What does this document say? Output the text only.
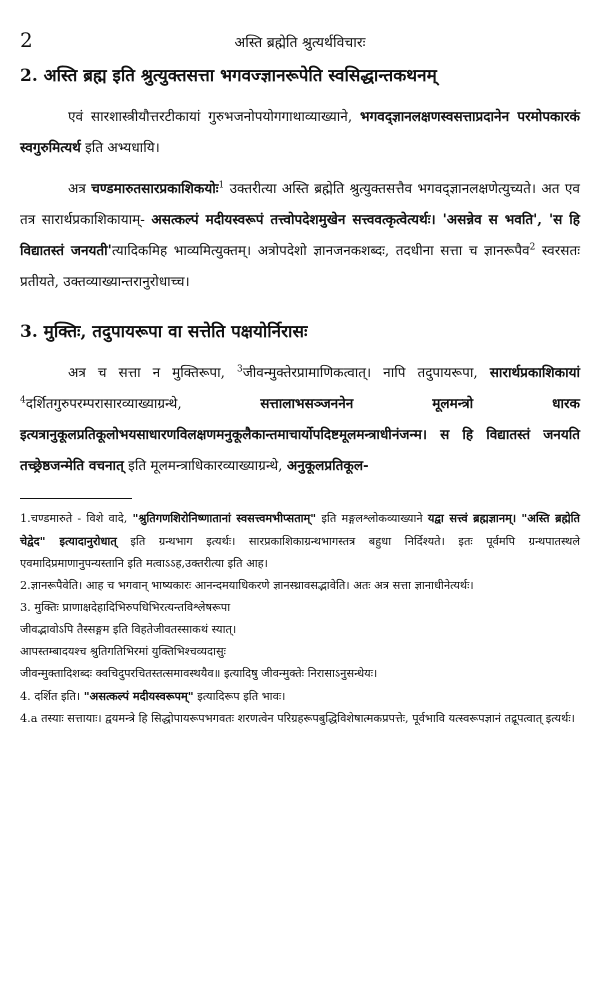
2	अस्ति ब्रह्मेति श्रुत्यर्थविचारः
2. अस्ति ब्रह्म इति श्रुत्युक्तसत्ता भगवज्ज्ञानरूपेति स्वसिद्धान्तकथनम्

एवं सारशास्त्रीयौत्तरटीकायां गुरुभजनोपयोगगाथाव्याख्याने, भगवद्ज्ञानलक्षणस्वसत्ताप्रदानेन परमोपकारकं स्वगुरुमित्यर्थ इति अभ्यधायि।

अत्र चण्डमारुतसारप्रकाशिकयोः$^1$ उक्तरीत्या अस्ति ब्रह्मेति श्रुत्युक्तसत्तैव भगवद्ज्ञानलक्षणेत्युच्यते। अत एव तत्र सारार्थप्रकाशिकायाम्- असत्कल्पं मदीयस्वरूपं तत्त्वोपदेशमुखेन सत्त्ववत्कृत्वेत्यर्थः। 'असन्नेव स भवति', 'स हि विद्यातस्तं जनयती'त्यादिकमिह भाव्यमित्युक्तम्। अत्रोपदेशो ज्ञानजनकशब्दः, तदधीना सत्ता च ज्ञानरूपैव$^2$ स्वरसतः प्रतीयते, उक्तव्याख्यान्तरानुरोधाच्च।

3. मुक्तिः, तदुपायरूपा वा सत्तेति पक्षयोर्निरासः

अत्र च सत्ता न मुक्तिरूपा, $^3$जीवन्मुक्तेरप्रामाणिकत्वात्। नापि तदुपायरूपा, सारार्थप्रकाशिकायां $^4$दर्शितगुरुपरम्परासारव्याख्याग्रन्थे,	सत्तालाभसञ्जननेन मूलमन्त्रो धारक इत्यत्रानुकूलप्रतिकूलोभयसाधारणविलक्षणमनुकूलैकान्तमाचार्योपदिष्टमूलमन्त्राधीनंजन्म। स हि विद्यातस्तं जनयति तच्छ्रेष्ठजन्मेति वचनात् इति मूलमन्त्राधिकारव्याख्याग्रन्थे, अनुकूलप्रतिकूल-

1.चण्डमारुते - विशे वादे, "श्रुतिगणशिरोनिष्णातानां स्वसत्त्वमभीप्सताम्" इति मङ्गलश्लोकव्याख्याने यद्वा सत्त्वं ब्रह्मज्ञानम्। "अस्ति ब्रह्मेति चेद्वेद" इत्यादानुरोधात् इति ग्रन्थभाग इत्यर्थः। सारप्रकाशिकाग्रन्थभागस्तत्र बहुधा निर्दिश्यते। इतः पूर्वमपि ग्रन्थपातस्थले एवमादिप्रमाणानुपन्यस्तानि इति मत्वाऽऽह,उक्तरीत्या इति आह।
2.ज्ञानरूपैवेति। आह च भगवान् भाष्यकारः आनन्दमयाधिकरणे ज्ञानस्थ्रावसद्भावेति। अतः अत्र सत्ता ज्ञानाधीनेत्यर्थः।
3. मुक्तिः प्राणाक्षदेहादिभिरुपधिभिरत्यन्तविश्लेषरूपा
जीवद्भावोऽपि तैस्सङ्गम इति विहतेजीवतस्साकथं स्यात्।
आपस्तम्बादयश्च श्रुतिगतिभिरमां युक्तिभिश्चव्यदासुः
जीवन्मुक्तादिशब्दः क्वचिदुपरचितस्तत्समावस्थयैव॥ इत्यादिषु जीवन्मुक्तेः निरासाऽनुसन्धेयः।
4. दर्शित इति। "असत्कल्पं मदीयस्वरूपम्" इत्यादिरूप इति भावः।
4.a तस्याः सत्तायाः। द्वयमन्त्रे हि सिद्धोपायरूपभगवतः शरणत्वेन परिग्रहरूपबुद्धिविशेषात्मकप्रपत्तेः, पूर्वभावि यत्स्वरूपज्ञानं तद्रूपत्वात् इत्यर्थः।
